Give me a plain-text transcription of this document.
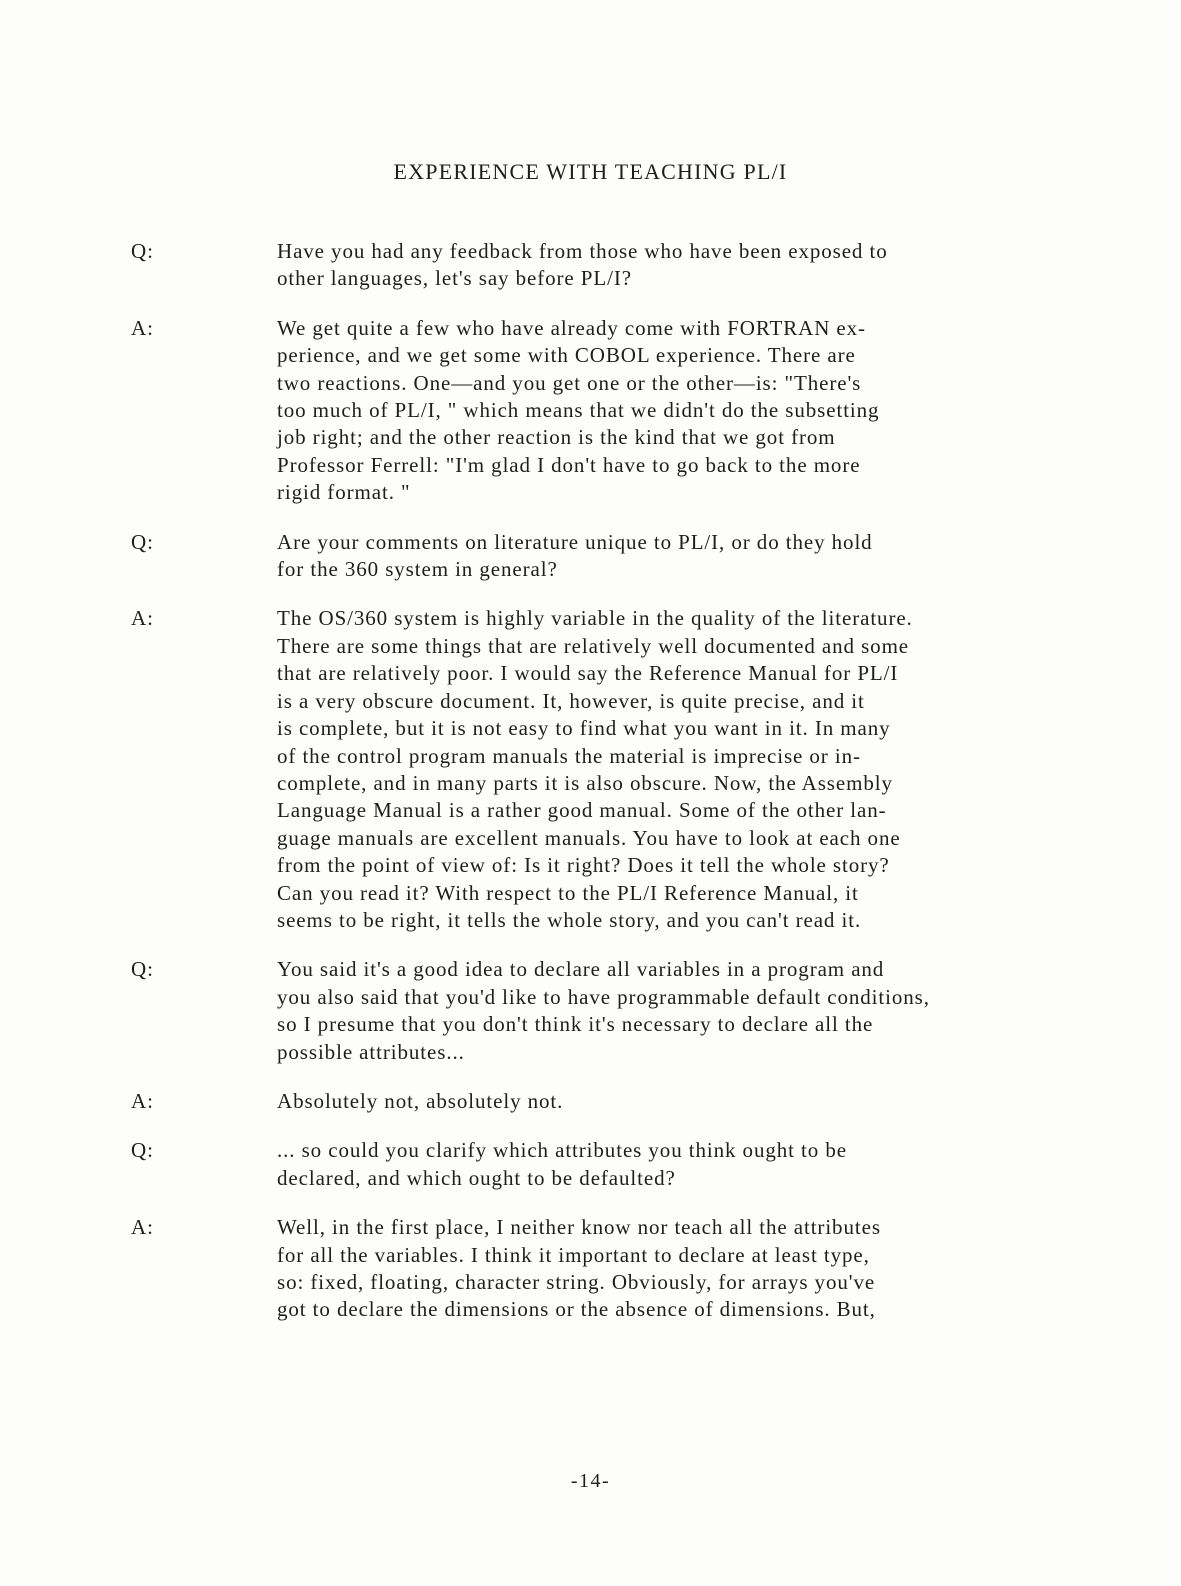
EXPERIENCE WITH TEACHING PL/I
Q:	Have you had any feedback from those who have been exposed to
other languages, let's say before PL/I?
A:	We get quite a few who have already come with FORTRAN ex-
perience, and we get some with COBOL experience. There are
two reactions. One—and you get one or the other—is: "There's
too much of PL/I, " which means that we didn't do the subsetting
job right; and the other reaction is the kind that we got from
Professor Ferrell: "I'm glad I don't have to go back to the more
rigid format. "
Q:	Are your comments on literature unique to PL/I, or do they hold
for the 360 system in general?
A:	The OS/360 system is highly variable in the quality of the literature.
There are some things that are relatively well documented and some
that are relatively poor. I would say the Reference Manual for PL/I
is a very obscure document. It, however, is quite precise, and it
is complete, but it is not easy to find what you want in it. In many
of the control program manuals the material is imprecise or in-
complete, and in many parts it is also obscure. Now, the Assembly
Language Manual is a rather good manual. Some of the other lan-
guage manuals are excellent manuals. You have to look at each one
from the point of view of: Is it right? Does it tell the whole story?
Can you read it? With respect to the PL/I Reference Manual, it
seems to be right, it tells the whole story, and you can't read it.
Q:	You said it's a good idea to declare all variables in a program and
you also said that you'd like to have programmable default conditions,
so I presume that you don't think it's necessary to declare all the
possible attributes...
A:	Absolutely not, absolutely not.
Q:	... so could you clarify which attributes you think ought to be
declared, and which ought to be defaulted?
A:	Well, in the first place, I neither know nor teach all the attributes
for all the variables. I think it important to declare at least type,
so: fixed, floating, character string. Obviously, for arrays you've
got to declare the dimensions or the absence of dimensions. But,
-14-
